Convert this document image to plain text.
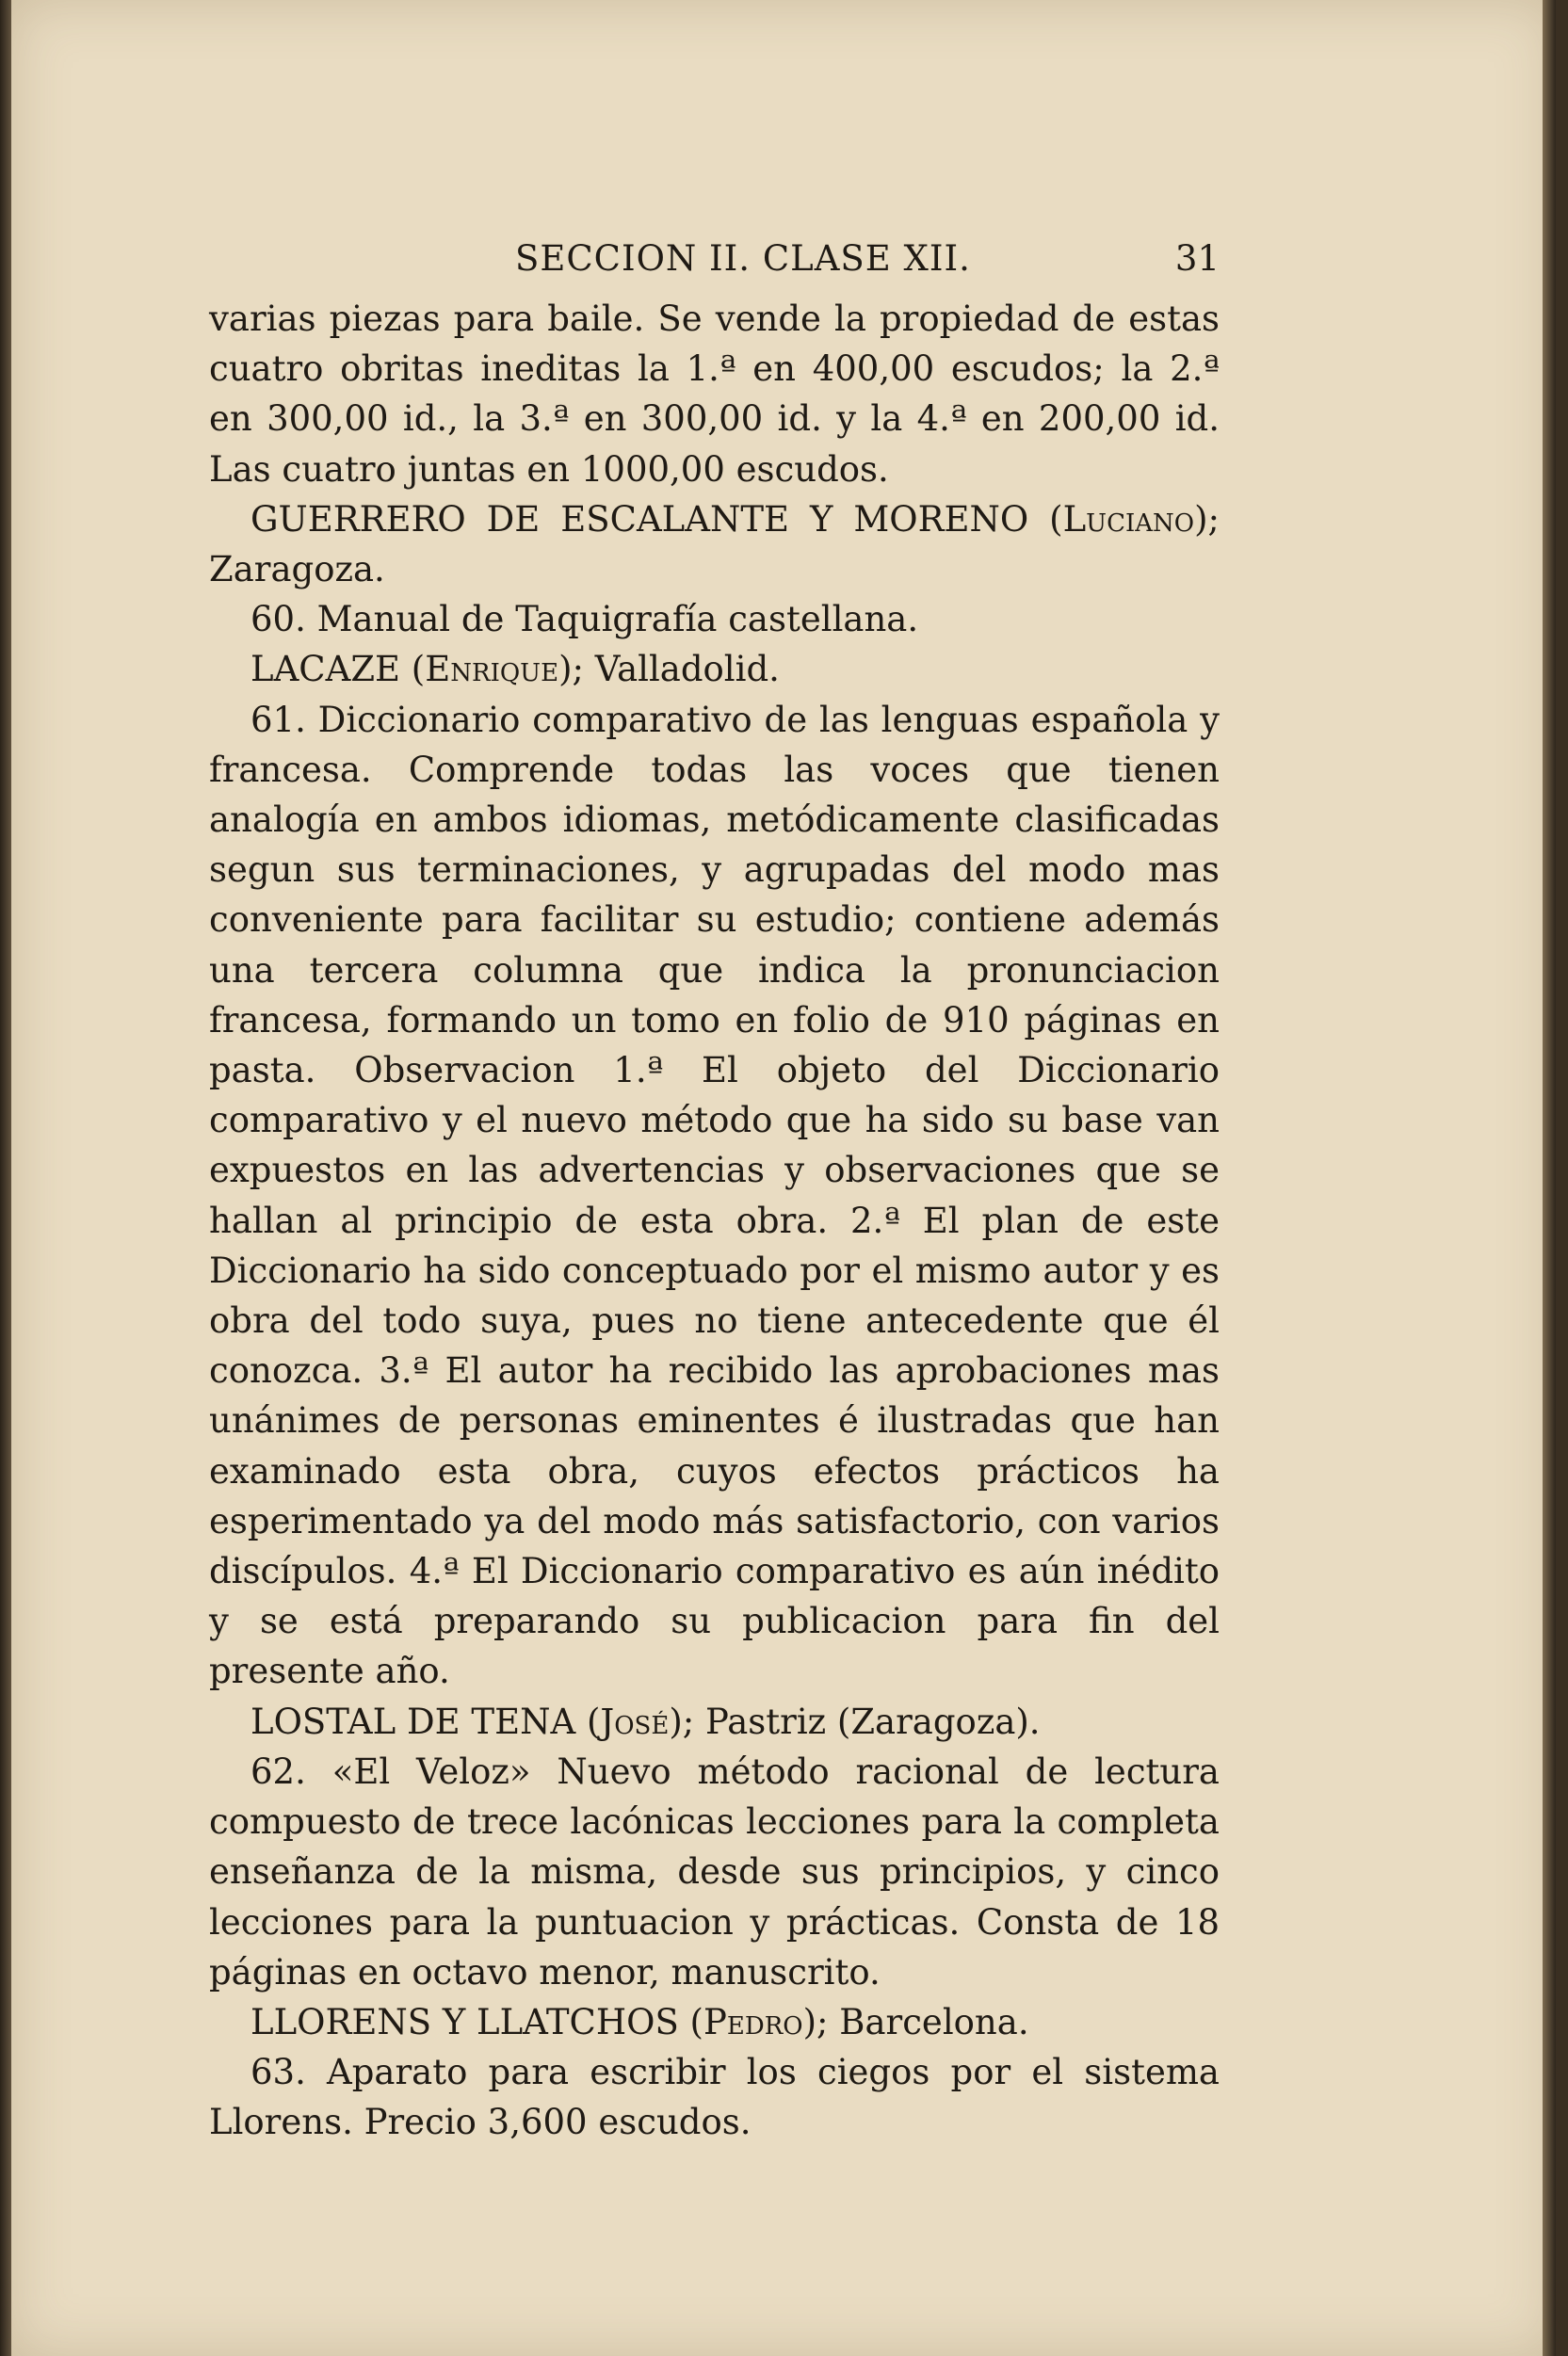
SECCION II. CLASE XII.	31

varias piezas para baile. Se vende la propiedad de estas cuatro obritas ineditas la 1.ª en 400,00 escudos; la 2.ª en 300,00 id., la 3.ª en 300,00 id. y la 4.ª en 200,00 id. Las cuatro juntas en 1000,00 escudos.

GUERRERO DE ESCALANTE Y MORENO (Luciano); Zaragoza.

60. Manual de Taquigrafía castellana.

LACAZE (Enrique); Valladolid.

61. Diccionario comparativo de las lenguas española y francesa. Comprende todas las voces que tienen analogía en ambos idiomas, metódicamente clasificadas segun sus terminaciones, y agrupadas del modo mas conveniente para facilitar su estudio; contiene además una tercera columna que indica la pronunciacion francesa, formando un tomo en folio de 910 páginas en pasta. Observacion 1.ª El objeto del Diccionario comparativo y el nuevo método que ha sido su base van expuestos en las advertencias y observaciones que se hallan al principio de esta obra. 2.ª El plan de este Diccionario ha sido conceptuado por el mismo autor y es obra del todo suya, pues no tiene antecedente que él conozca. 3.ª El autor ha recibido las aprobaciones mas unánimes de personas eminentes é ilustradas que han examinado esta obra, cuyos efectos prácticos ha esperimentado ya del modo más satisfactorio, con varios discípulos. 4.ª El Diccionario comparativo es aún inédito y se está preparando su publicacion para fin del presente año.

LOSTAL DE TENA (José); Pastriz (Zaragoza).

62. «El Veloz» Nuevo método racional de lectura compuesto de trece lacónicas lecciones para la completa enseñanza de la misma, desde sus principios, y cinco lecciones para la puntuacion y prácticas. Consta de 18 páginas en octavo menor, manuscrito.

LLORENS Y LLATCHOS (Pedro); Barcelona.

63. Aparato para escribir los ciegos por el sistema Llorens. Precio 3,600 escudos.
